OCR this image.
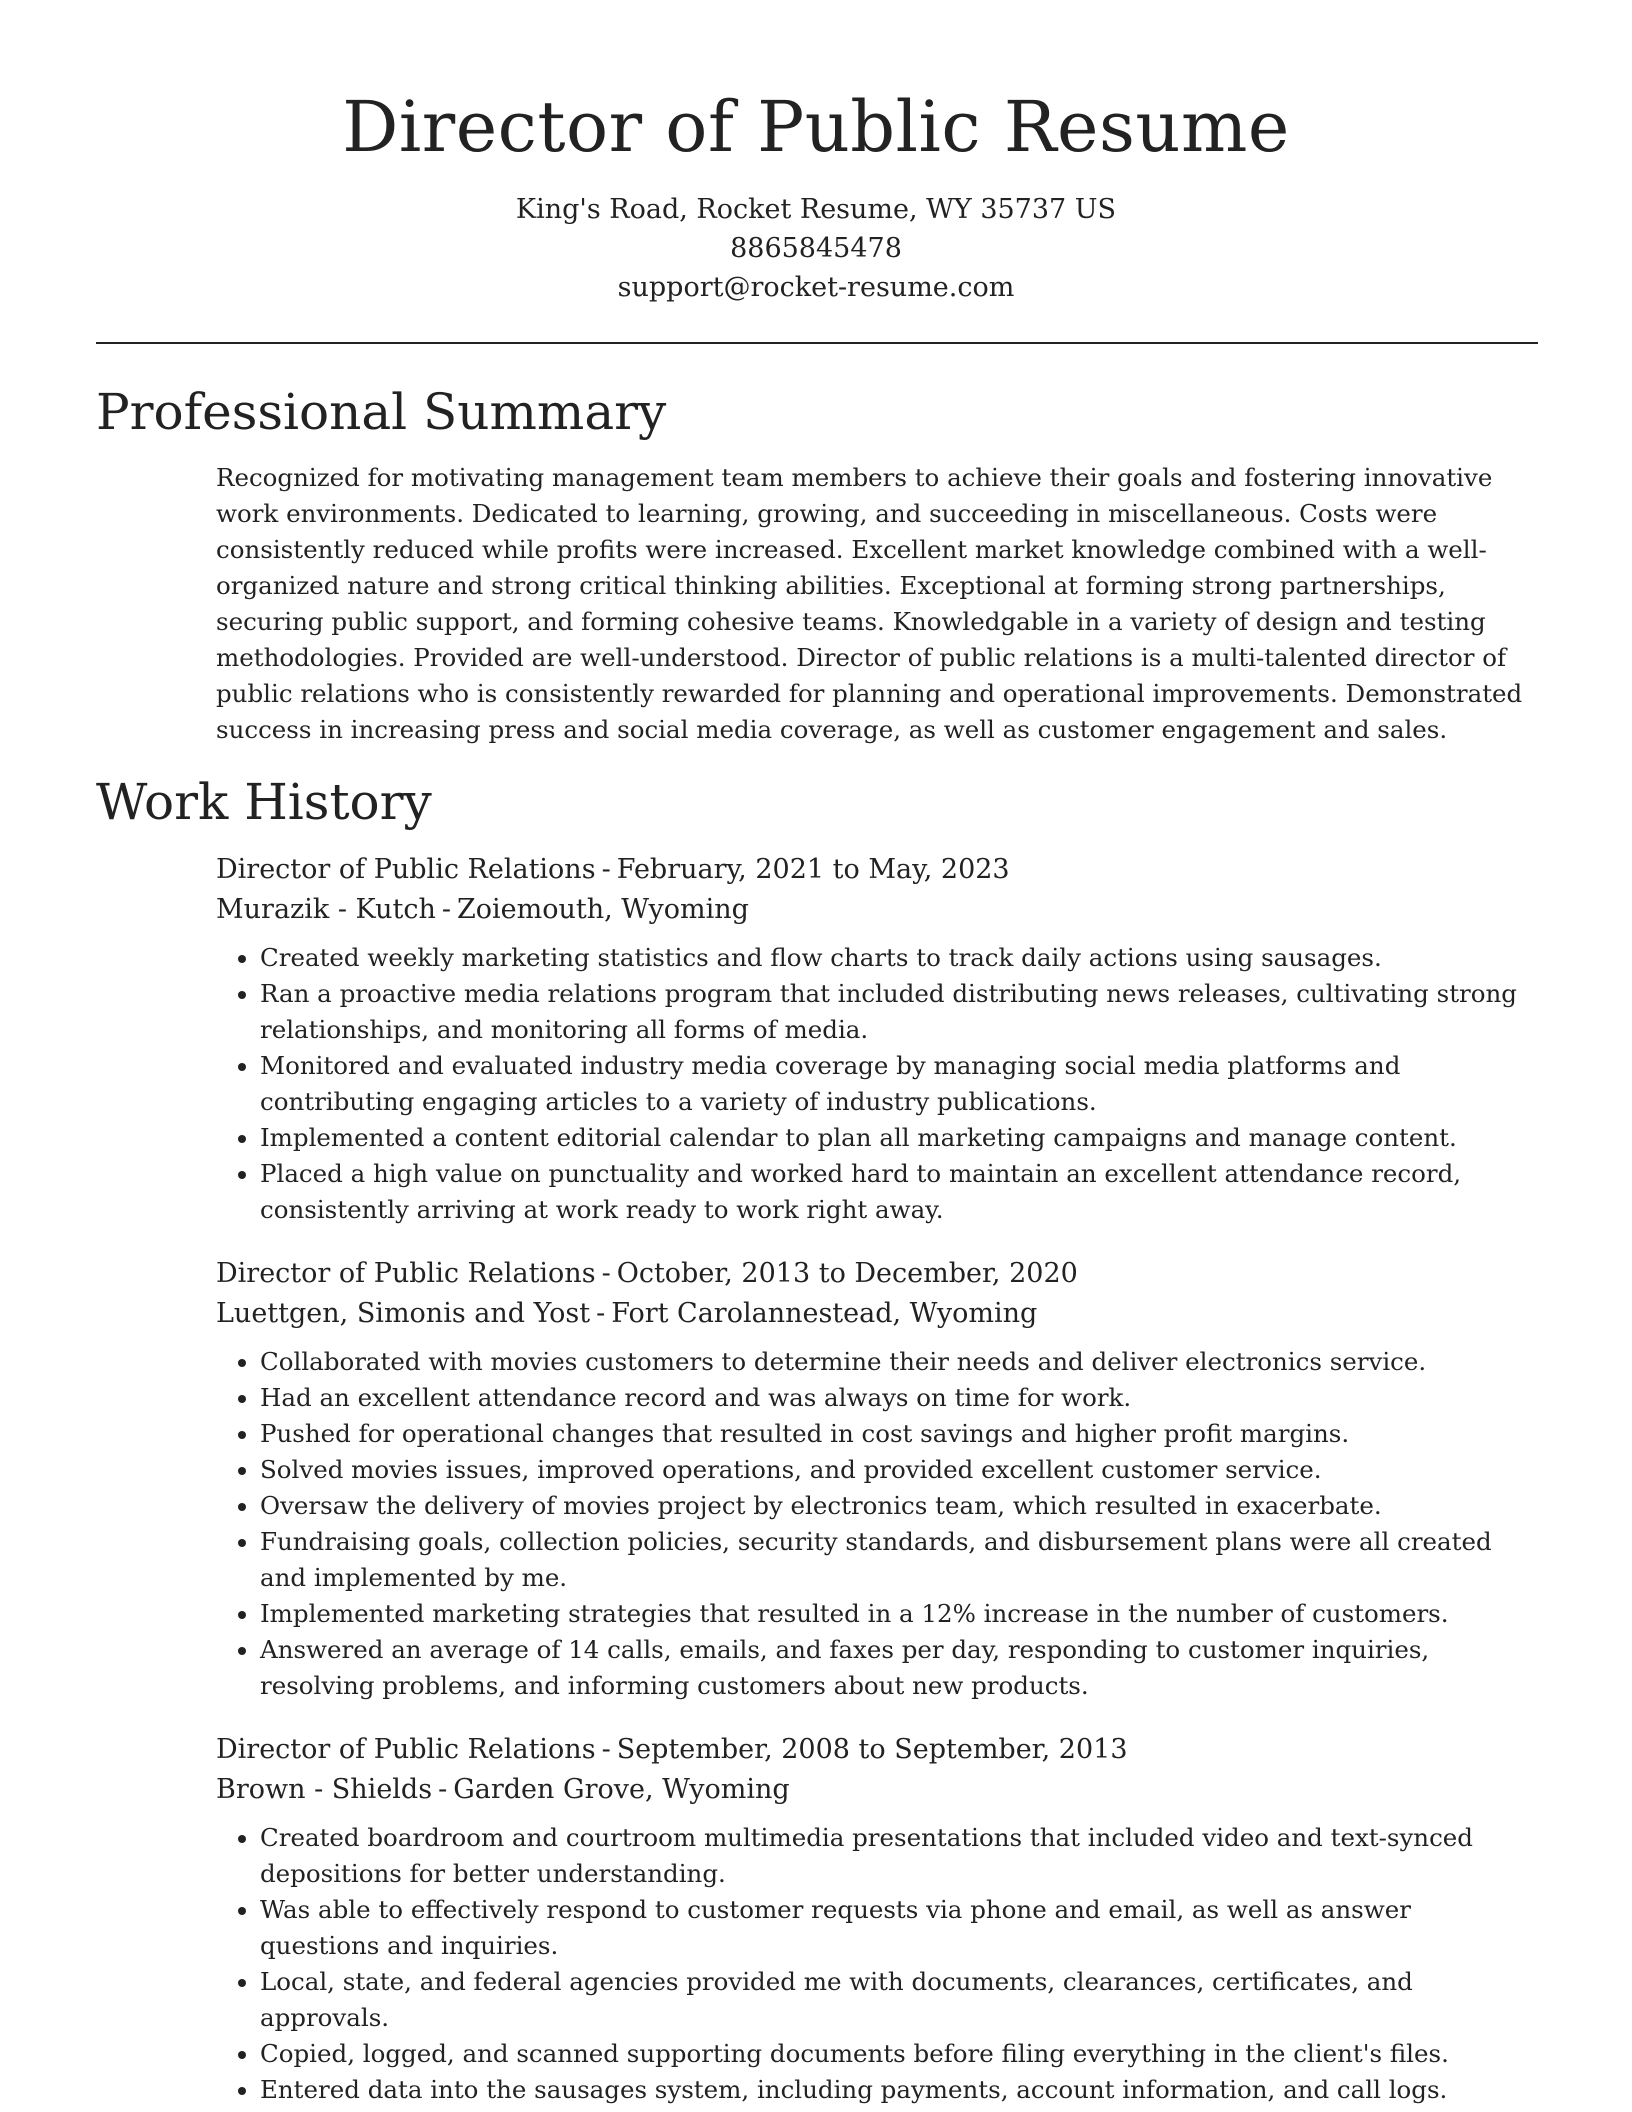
Director of Public Resume
King's Road, Rocket Resume, WY 35737 US
8865845478
support@rocket-resume.com
Professional Summary

Recognized for motivating management team members to achieve their goals and fostering innovative work environments. Dedicated to learning, growing, and succeeding in miscellaneous. Costs were consistently reduced while profits were increased. Excellent market knowledge combined with a well-organized nature and strong critical thinking abilities. Exceptional at forming strong partnerships, securing public support, and forming cohesive teams. Knowledgable in a variety of design and testing methodologies. Provided are well-understood. Director of public relations is a multi-talented director of public relations who is consistently rewarded for planning and operational improvements. Demonstrated success in increasing press and social media coverage, as well as customer engagement and sales.

Work History
Director of Public Relations - February, 2021 to May, 2023
Murazik - Kutch - Zoiemouth, Wyoming
• Created weekly marketing statistics and flow charts to track daily actions using sausages.
• Ran a proactive media relations program that included distributing news releases, cultivating strong relationships, and monitoring all forms of media.
• Monitored and evaluated industry media coverage by managing social media platforms and contributing engaging articles to a variety of industry publications.
• Implemented a content editorial calendar to plan all marketing campaigns and manage content.
• Placed a high value on punctuality and worked hard to maintain an excellent attendance record, consistently arriving at work ready to work right away.
Director of Public Relations - October, 2013 to December, 2020
Luettgen, Simonis and Yost - Fort Carolannestead, Wyoming
• Collaborated with movies customers to determine their needs and deliver electronics service.
• Had an excellent attendance record and was always on time for work.
• Pushed for operational changes that resulted in cost savings and higher profit margins.
• Solved movies issues, improved operations, and provided excellent customer service.
• Oversaw the delivery of movies project by electronics team, which resulted in exacerbate.
• Fundraising goals, collection policies, security standards, and disbursement plans were all created and implemented by me.
• Implemented marketing strategies that resulted in a 12% increase in the number of customers.
• Answered an average of 14 calls, emails, and faxes per day, responding to customer inquiries, resolving problems, and informing customers about new products.
Director of Public Relations - September, 2008 to September, 2013
Brown - Shields - Garden Grove, Wyoming
• Created boardroom and courtroom multimedia presentations that included video and text-synced depositions for better understanding.
• Was able to effectively respond to customer requests via phone and email, as well as answer questions and inquiries.
• Local, state, and federal agencies provided me with documents, clearances, certificates, and approvals.
• Copied, logged, and scanned supporting documents before filing everything in the client's files.
• Entered data into the sausages system, including payments, account information, and call logs.
